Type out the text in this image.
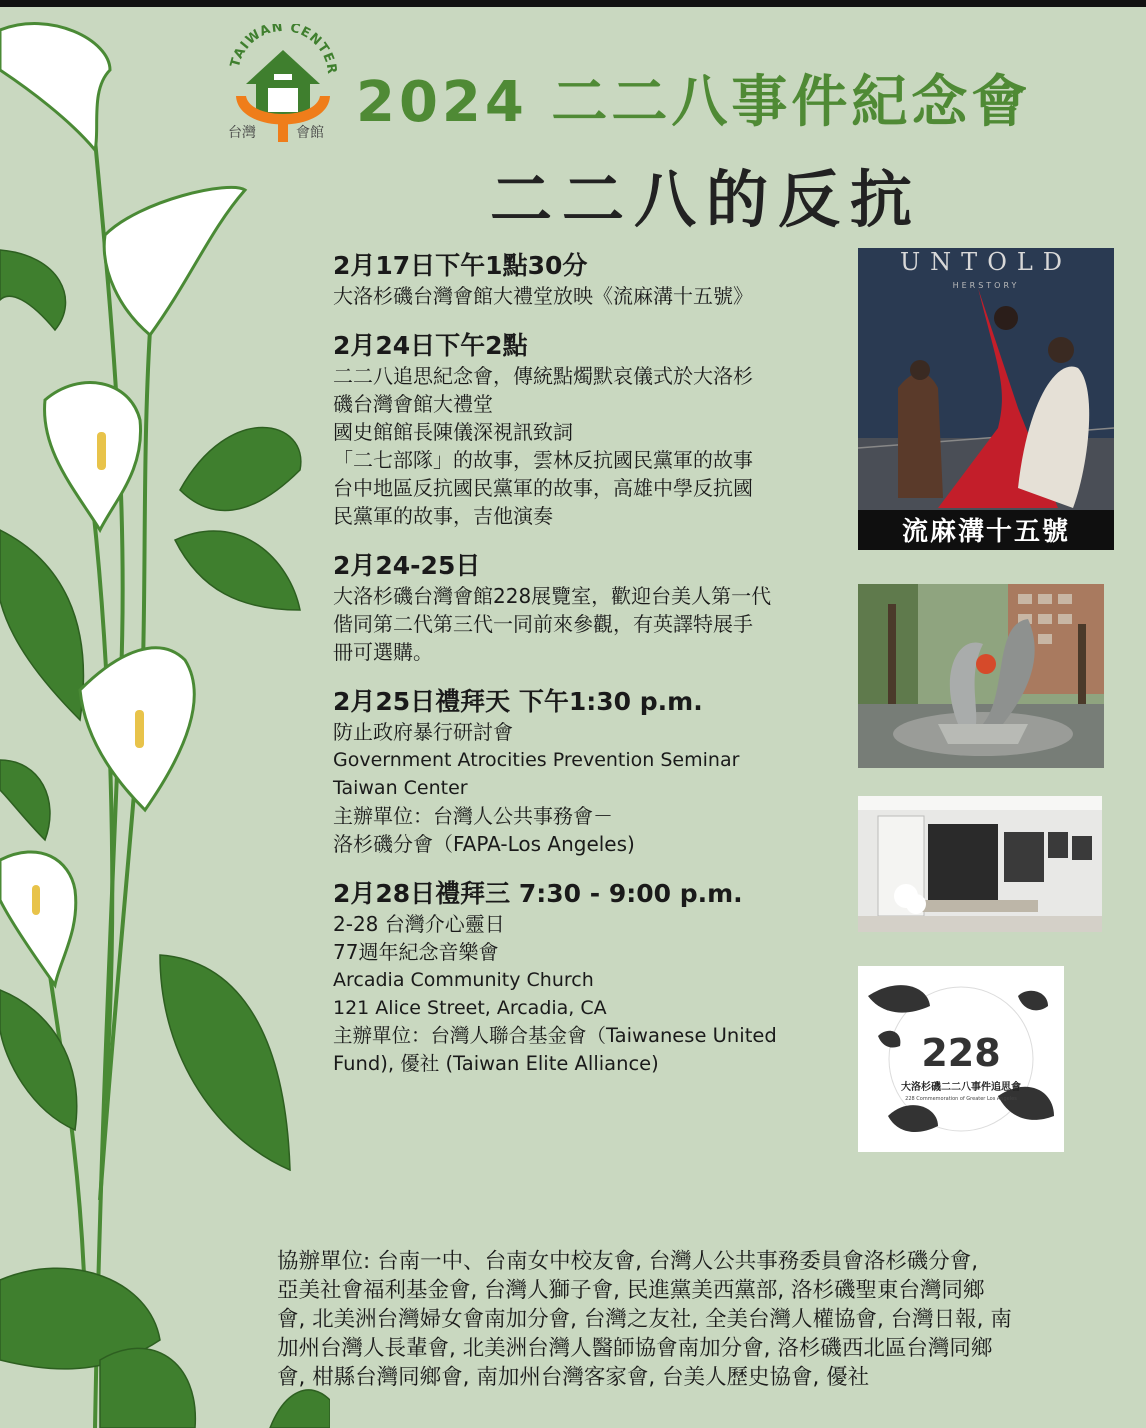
TAIWAN CENTER
台灣	會館 2024 二二八事件紀念會
二二八的反抗
2月17日下午1點30分
大洛杉磯台灣會館大禮堂放映《流麻溝十五號》
2月24日下午2點
二二八追思紀念會，傳統點燭默哀儀式於大洛杉
磯台灣會館大禮堂
國史館館長陳儀深視訊致詞
「二七部隊」的故事，雲林反抗國民黨軍的故事
台中地區反抗國民黨軍的故事，高雄中學反抗國
民黨軍的故事，吉他演奏
2月24-25日
大洛杉磯台灣會館228展覽室，歡迎台美人第一代
偕同第二代第三代一同前來參觀，有英譯特展手
冊可選購。
2月25日禮拜天 下午1:30 p.m.
防止政府暴行研討會
Government Atrocities Prevention Seminar
Taiwan Center
主辦單位：台灣人公共事務會－
洛杉磯分會（FAPA-Los Angeles)
2月28日禮拜三 7:30 - 9:00 p.m.
2-28 台灣介心靈日
77週年紀念音樂會
Arcadia Community Church
121 Alice Street, Arcadia, CA
主辦單位：台灣人聯合基金會（Taiwanese United
Fund), 優社 (Taiwan Elite Alliance)
UNTOLD
HERSTORY
流麻溝十五號
228
大洛杉磯二二八事件追思會
228 Commemoration of Greater Los Angeles
協辦單位: 台南一中、台南女中校友會, 台灣人公共事務委員會洛杉磯分會,
亞美社會福利基金會, 台灣人獅子會, 民進黨美西黨部, 洛杉磯聖東台灣同鄉
會, 北美洲台灣婦女會南加分會, 台灣之友社, 全美台灣人權協會, 台灣日報, 南
加州台灣人長輩會, 北美洲台灣人醫師協會南加分會, 洛杉磯西北區台灣同鄉
會, 柑縣台灣同鄉會, 南加州台灣客家會, 台美人歷史協會, 優社
